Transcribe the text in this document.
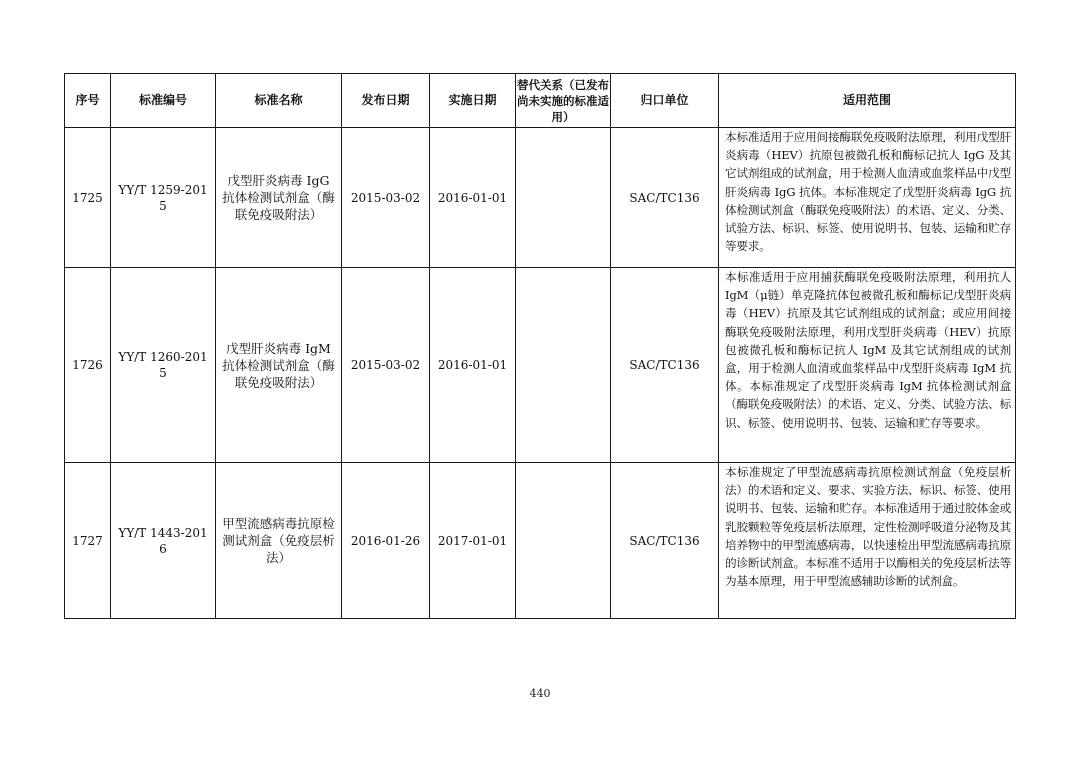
序号	标准编号	标准名称	发布日期	实施日期	替代关系（已发布尚未实施的标准适用）	归口单位	适用范围
1725	YY/T 1259-2015	戊型肝炎病毒 IgG 抗体检测试剂盒（酶联免疫吸附法）	2015-03-02	2016-01-01		SAC/TC136	本标准适用于应用间接酶联免疫吸附法原理，利用戊型肝炎病毒（HEV）抗原包被微孔板和酶标记抗人 IgG 及其它试剂组成的试剂盒，用于检测人血清或血浆样品中戊型肝炎病毒 IgG 抗体。本标准规定了戊型肝炎病毒 IgG 抗体检测试剂盒（酶联免疫吸附法）的术语、定义、分类、试验方法、标识、标签、使用说明书、包装、运输和贮存等要求。
1726	YY/T 1260-2015	戊型肝炎病毒 IgM 抗体检测试剂盒（酶联免疫吸附法）	2015-03-02	2016-01-01		SAC/TC136	本标准适用于应用捕获酶联免疫吸附法原理，利用抗人 IgM（μ链）单克隆抗体包被微孔板和酶标记戊型肝炎病毒（HEV）抗原及其它试剂组成的试剂盒；或应用间接酶联免疫吸附法原理，利用戊型肝炎病毒（HEV）抗原包被微孔板和酶标记抗人 IgM 及其它试剂组成的试剂盒，用于检测人血清或血浆样品中戊型肝炎病毒 IgM 抗体。本标准规定了戊型肝炎病毒 IgM 抗体检测试剂盒（酶联免疫吸附法）的术语、定义、分类、试验方法、标识、标签、使用说明书、包装、运输和贮存等要求。
1727	YY/T 1443-2016	甲型流感病毒抗原检测试剂盒（免疫层析法）	2016-01-26	2017-01-01		SAC/TC136	本标准规定了甲型流感病毒抗原检测试剂盒（免疫层析法）的术语和定义、要求、实验方法、标识、标签、使用说明书、包装、运输和贮存。本标准适用于通过胶体金或乳胶颗粒等免疫层析法原理，定性检测呼吸道分泌物及其培养物中的甲型流感病毒，以快速检出甲型流感病毒抗原的诊断试剂盒。本标准不适用于以酶相关的免疫层析法等为基本原理，用于甲型流感辅助诊断的试剂盒。
440
